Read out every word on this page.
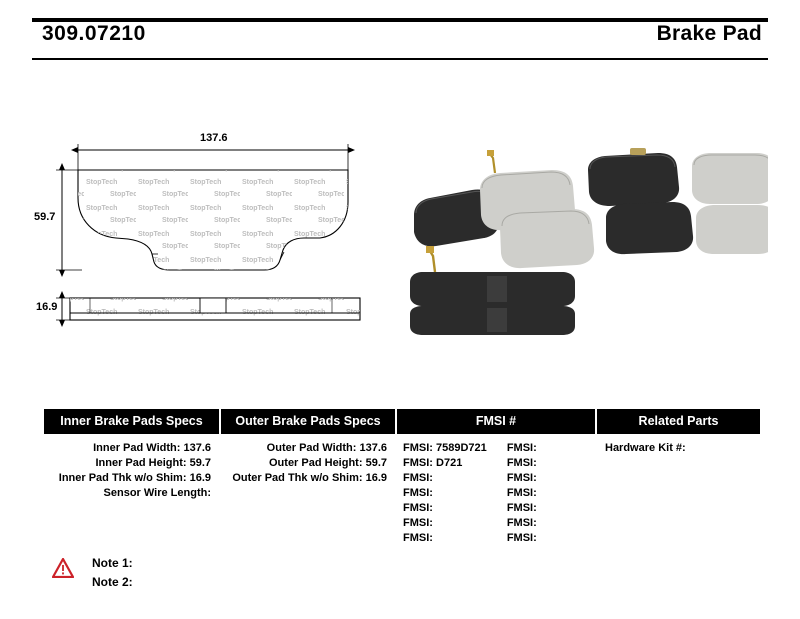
309.07210	Brake Pad
137.6
59.7
16.9
Inner Brake Pads Specs	Outer Brake Pads Specs	FMSI #	Related Parts

Inner Pad Width: 137.6
Inner Pad Height: 59.7
Inner Pad Thk w/o Shim: 16.9
Sensor Wire Length:

Outer Pad Width: 137.6
Outer Pad Height: 59.7
Outer Pad Thk w/o Shim: 16.9

FMSI: 7589D721	FMSI:
FMSI: D721	FMSI:
FMSI:	FMSI:
FMSI:	FMSI:
FMSI:	FMSI:
FMSI:	FMSI:
FMSI:	FMSI:

Hardware Kit #:
Note 1:
Note 2:
